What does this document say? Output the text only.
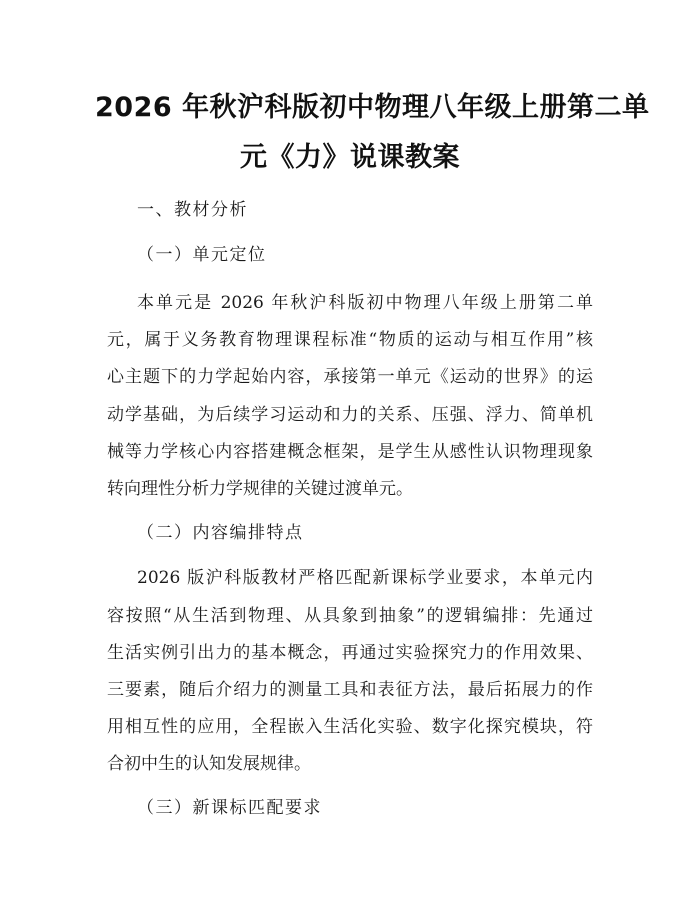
2026 年秋沪科版初中物理八年级上册第二单
元《力》说课教案
一、教材分析
（一）单元定位
本单元是 2026 年秋沪科版初中物理八年级上册第二单
元，属于义务教育物理课程标准“物质的运动与相互作用”核
心主题下的力学起始内容，承接第一单元《运动的世界》的运
动学基础，为后续学习运动和力的关系、压强、浮力、简单机
械等力学核心内容搭建概念框架，是学生从感性认识物理现象
转向理性分析力学规律的关键过渡单元。
（二）内容编排特点
2026 版沪科版教材严格匹配新课标学业要求，本单元内
容按照“从生活到物理、从具象到抽象”的逻辑编排：先通过
生活实例引出力的基本概念，再通过实验探究力的作用效果、
三要素，随后介绍力的测量工具和表征方法，最后拓展力的作
用相互性的应用，全程嵌入生活化实验、数字化探究模块，符
合初中生的认知发展规律。
（三）新课标匹配要求
